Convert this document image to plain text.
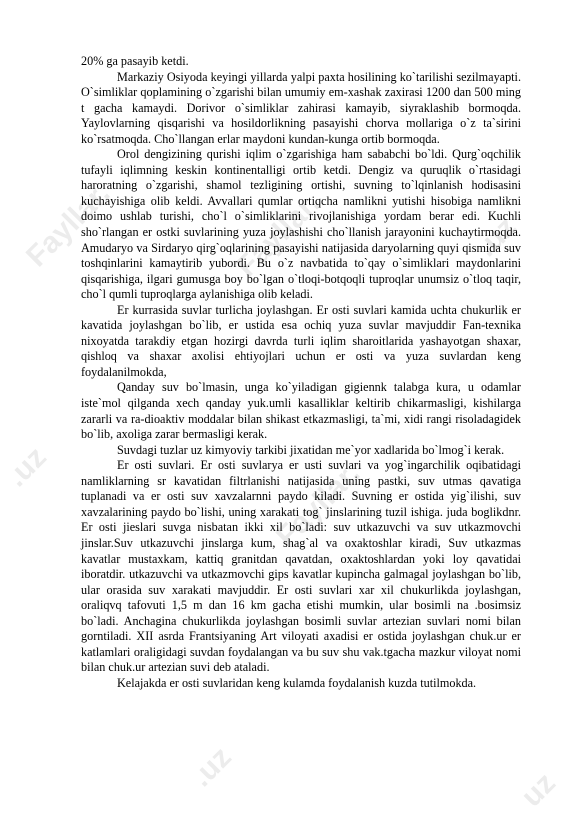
Fayllar.	Fayllar.
.uz	Fayllar.
.uz
.uz	uz

20% ga pasayib ketdi.

Markaziy Osiyoda keyingi yillarda yalpi paxta hosilining ko`tarilishi sezilmayapti. O`simliklar qoplamining o`zgarishi bilan umumiy em-xashak zaxirasi 1200 dan 500 ming t gacha kamaydi. Dorivor o`simliklar zahirasi kamayib, siyraklashib bormoqda. Yaylovlarning qisqarishi va hosildorlikning pasayishi chorva mollariga o`z ta`sirini ko`rsatmoqda. Cho`llangan erlar maydoni kundan-kunga ortib bormoqda.

Orol dengizining qurishi iqlim o`zgarishiga ham sababchi bo`ldi. Qurg`oqchilik tufayli iqlimning keskin kontinentalligi ortib ketdi. Dengiz va quruqlik o`rtasidagi haroratning o`zgarishi, shamol tezligining ortishi, suvning to`lqinlanish hodisasini kuchayishiga olib keldi. Avvallari qumlar ortiqcha namlikni yutishi hisobiga namlikni doimo ushlab turishi, cho`l o`simliklarini rivojlanishiga yordam berar edi. Kuchli sho`rlangan er ostki suvlarining yuza joylashishi cho`llanish jarayonini kuchaytirmoqda. Amudaryo va Sirdaryo qirg`oqlarining pasayishi natijasida daryolarning quyi qismida suv toshqinlarini kamaytirib yubordi. Bu o`z navbatida to`qay o`simliklari maydonlarini qisqarishiga, ilgari gumusga boy bo`lgan o`tloqi-botqoqli tuproqlar unumsiz o`tloq taqir, cho`l qumli tuproqlarga aylanishiga olib keladi.

Er kurrasida suvlar turlicha joylashgan. Er osti suvlari kamida uchta chukurlik er kavatida joylashgan bo`lib, er ustida esa ochiq yuza suvlar mavjuddir Fan-texnika nixoyatda tarakdiy etgan hozirgi davrda turli iqlim sharoitlarida yashayotgan shaxar, qishloq va shaxar axolisi ehtiyojlari uchun er osti va yuza suvlardan keng foydalanilmokda,

Qanday suv bo`lmasin, unga ko`yiladigan gigiennk talabga kura, u odamlar iste`mol qilganda xech qanday yuk.umli kasalliklar keltirib chikarmasligi, kishilarga zararli va ra-dioaktiv moddalar bilan shikast etkazmasligi, ta`mi, xidi rangi risoladagidek bo`lib, axoliga zarar bermasligi kerak.

Suvdagi tuzlar uz kimyoviy tarkibi jixatidan me`yor xadlarida bo`lmog`i kerak.

Er osti suvlari. Er osti suvlarya er usti suvlari va yog`ingarchilik oqibatidagi namliklarning sr kavatidan filtrlanishi natijasida uning pastki, suv utmas qavatiga tuplanadi va er osti suv xavzalarnni paydo kiladi. Suvning er ostida yig`ilishi, suv xavzalarining paydo bo`lishi, uning xarakati tog` jinslarining tuzil ishiga. juda boglikdnr. Er osti jieslari suvga nisbatan ikki xil bo`ladi: suv utkazuvchi va suv utkazmovchi jinslar.Suv utkazuvchi jinslarga kum, shag`al va oxaktoshlar kiradi, Suv utkazmas kavatlar mustaxkam, kattiq granitdan qavatdan, oxaktoshlardan yoki loy qavatidai iboratdir. utkazuvchi va utkazmovchi gips kavatlar kupincha galmagal joylashgan bo`lib, ular orasida suv xarakati mavjuddir. Er osti suvlari xar xil chukurlikda joylashgan, oraliqvq tafovuti 1,5 m dan 16 km gacha etishi mumkin, ular bosimli na .bosimsiz bo`ladi. Anchagina chukurlikda joylashgan bosimli suvlar artezian suvlari nomi bilan gorntiladi. XII asrda Frantsiyaning Art viloyati axadisi er ostida joylashgan chuk.ur er katlamlari oraligidagi suvdan foydalangan va bu suv shu vak.tgacha mazkur viloyat nomi bilan chuk.ur artezian suvi deb ataladi.

Kelajakda er osti suvlaridan keng kulamda foydalanish kuzda tutilmokda.
